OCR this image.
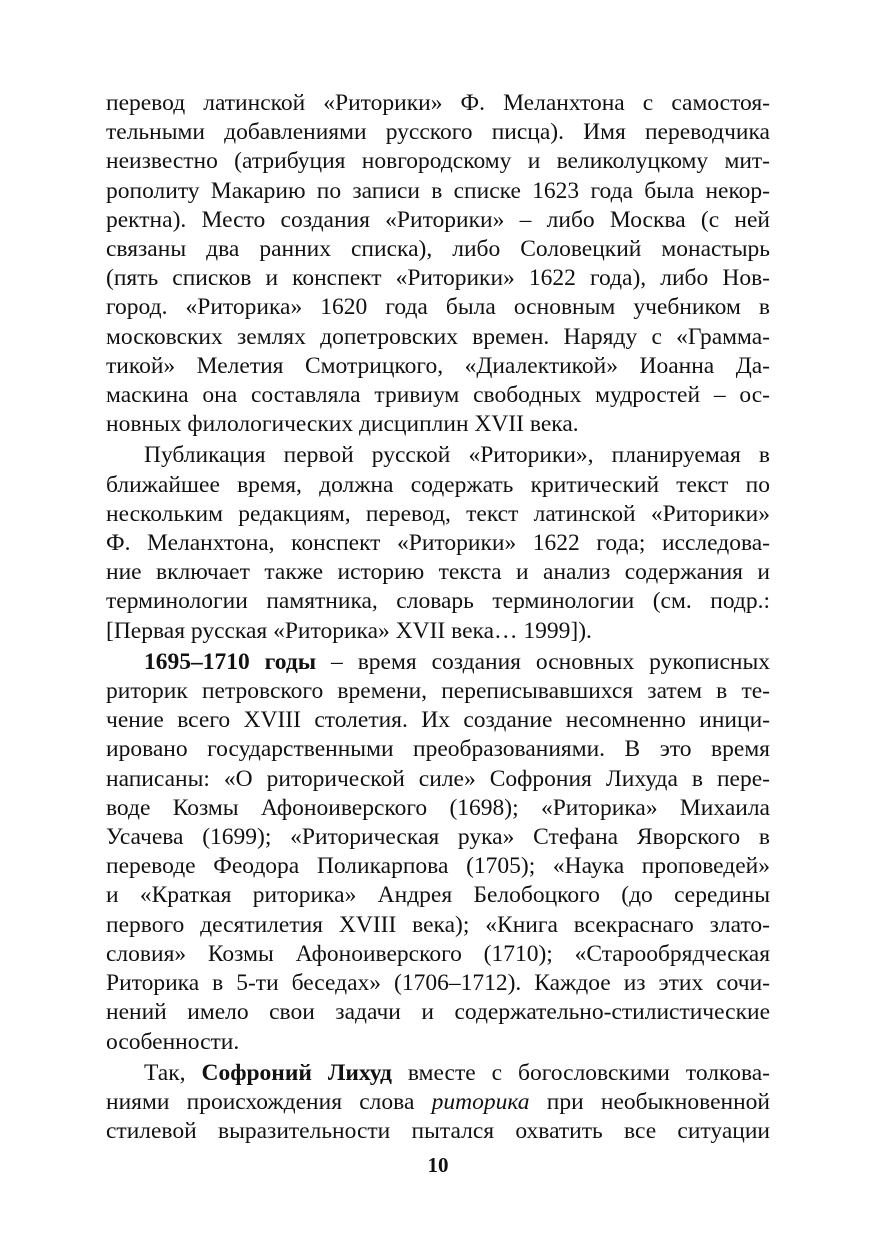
перевод латинской «Риторики» Ф. Меланхтона с самостоя-
тельными добавлениями русского писца). Имя переводчика
неизвестно (атрибуция новгородскому и великолуцкому мит-
рополиту Макарию по записи в списке 1623 года была некор-
ректна). Место создания «Риторики» – либо Москва (с ней
связаны два ранних списка), либо Соловецкий монастырь
(пять списков и конспект «Риторики» 1622 года), либо Нов-
город. «Риторика» 1620 года была основным учебником в
московских землях допетровских времен. Наряду с «Грамма-
тикой» Мелетия Смотрицкого, «Диалектикой» Иоанна Да-
маскина она составляла тривиум свободных мудростей – ос-
новных филологических дисциплин XVII века.

Публикация первой русской «Риторики», планируемая в
ближайшее время, должна содержать критический текст по
нескольким редакциям, перевод, текст латинской «Риторики»
Ф. Меланхтона, конспект «Риторики» 1622 года; исследова-
ние включает также историю текста и анализ содержания и
терминологии памятника, словарь терминологии (см. подр.:
[Первая русская «Риторика» XVII века… 1999]).

1695–1710 годы – время создания основных рукописных
риторик петровского времени, переписывавшихся затем в те-
чение всего XVIII столетия. Их создание несомненно иници-
ировано государственными преобразованиями. В это время
написаны: «О риторической силе» Софрония Лихуда в пере-
воде Козмы Афоноиверского (1698); «Риторика» Михаила
Усачева (1699); «Риторическая рука» Стефана Яворского в
переводе Феодора Поликарпова (1705); «Наука проповедей»
и «Краткая риторика» Андрея Белобоцкого (до середины
первого десятилетия XVIII века); «Книга всекраснаго злато-
словия» Козмы Афоноиверского (1710); «Старообрядческая
Риторика в 5-ти беседах» (1706–1712). Каждое из этих сочи-
нений имело свои задачи и содержательно-стилистические
особенности.

Так, Софроний Лихуд вместе с богословскими толкова-
ниями происхождения слова риторика при необыкновенной
стилевой выразительности пытался охватить все ситуации

10
